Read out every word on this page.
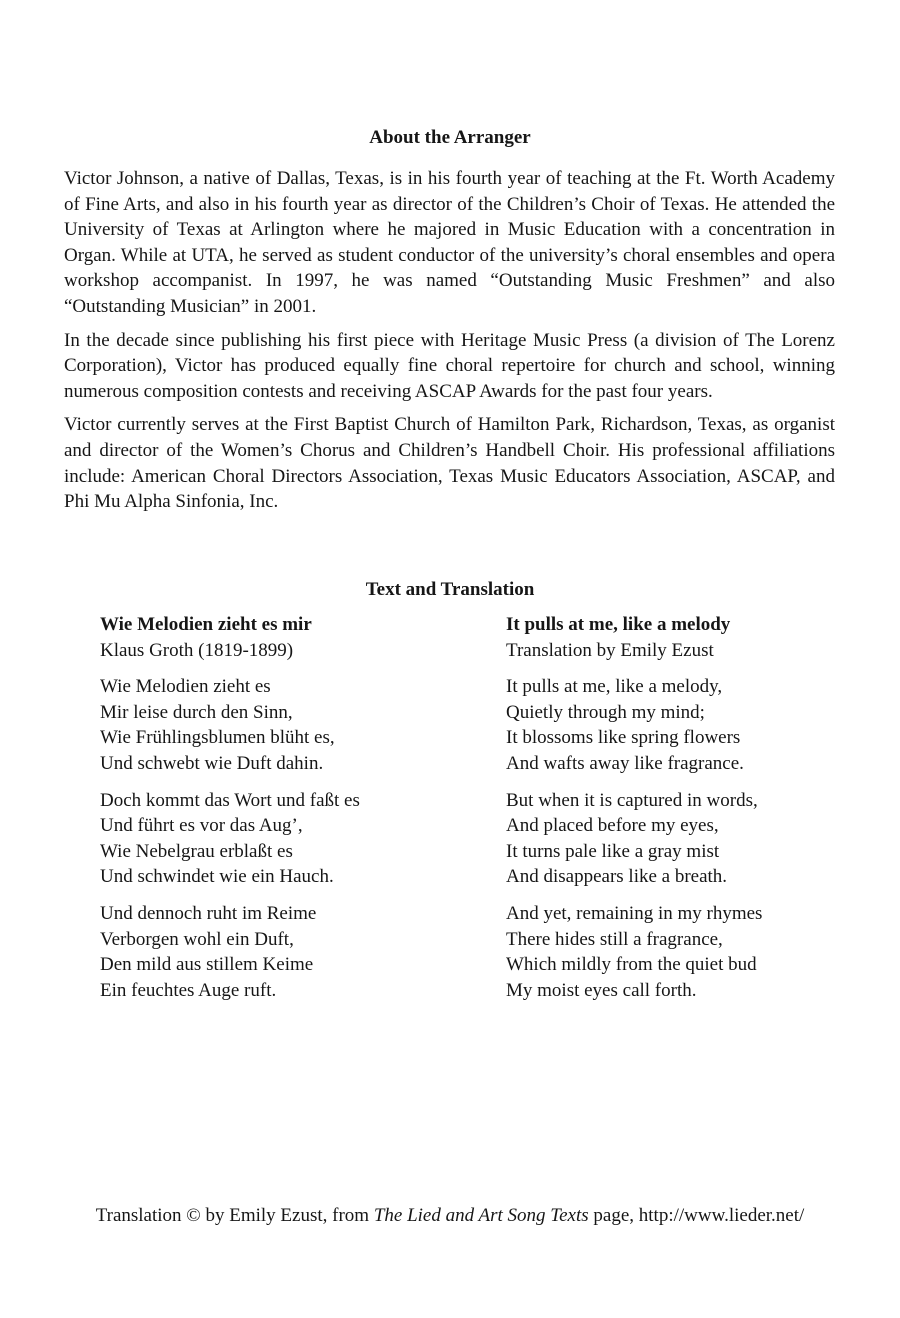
About the Arranger

Victor Johnson, a native of Dallas, Texas, is in his fourth year of teaching at the Ft. Worth Academy of Fine Arts, and also in his fourth year as director of the Children’s Choir of Texas. He attended the University of Texas at Arlington where he majored in Music Education with a concentration in Organ. While at UTA, he served as student conductor of the university’s choral ensembles and opera workshop accompanist. In 1997, he was named “Outstanding Music Freshmen” and also “Outstanding Musician” in 2001.

In the decade since publishing his first piece with Heritage Music Press (a division of The Lorenz Corporation), Victor has produced equally fine choral repertoire for church and school, winning numerous composition contests and receiving ASCAP Awards for the past four years.

Victor currently serves at the First Baptist Church of Hamilton Park, Richardson, Texas, as organist and director of the Women’s Chorus and Children’s Handbell Choir. His professional affiliations include: American Choral Directors Association, Texas Music Educators Association, ASCAP, and Phi Mu Alpha Sinfonia, Inc.

Text and Translation
Wie Melodien zieht es mir
Klaus Groth (1819-1899)
Wie Melodien zieht es
Mir leise durch den Sinn,
Wie Frühlingsblumen blüht es,
Und schwebt wie Duft dahin.
Doch kommt das Wort und faßt es
Und führt es vor das Aug’,
Wie Nebelgrau erblaßt es
Und schwindet wie ein Hauch.
Und dennoch ruht im Reime
Verborgen wohl ein Duft,
Den mild aus stillem Keime
Ein feuchtes Auge ruft.
It pulls at me, like a melody
Translation by Emily Ezust
It pulls at me, like a melody,
Quietly through my mind;
It blossoms like spring flowers
And wafts away like fragrance.
But when it is captured in words,
And placed before my eyes,
It turns pale like a gray mist
And disappears like a breath.
And yet, remaining in my rhymes
There hides still a fragrance,
Which mildly from the quiet bud
My moist eyes call forth.
Translation © by Emily Ezust, from The Lied and Art Song Texts page, http://www.lieder.net/
